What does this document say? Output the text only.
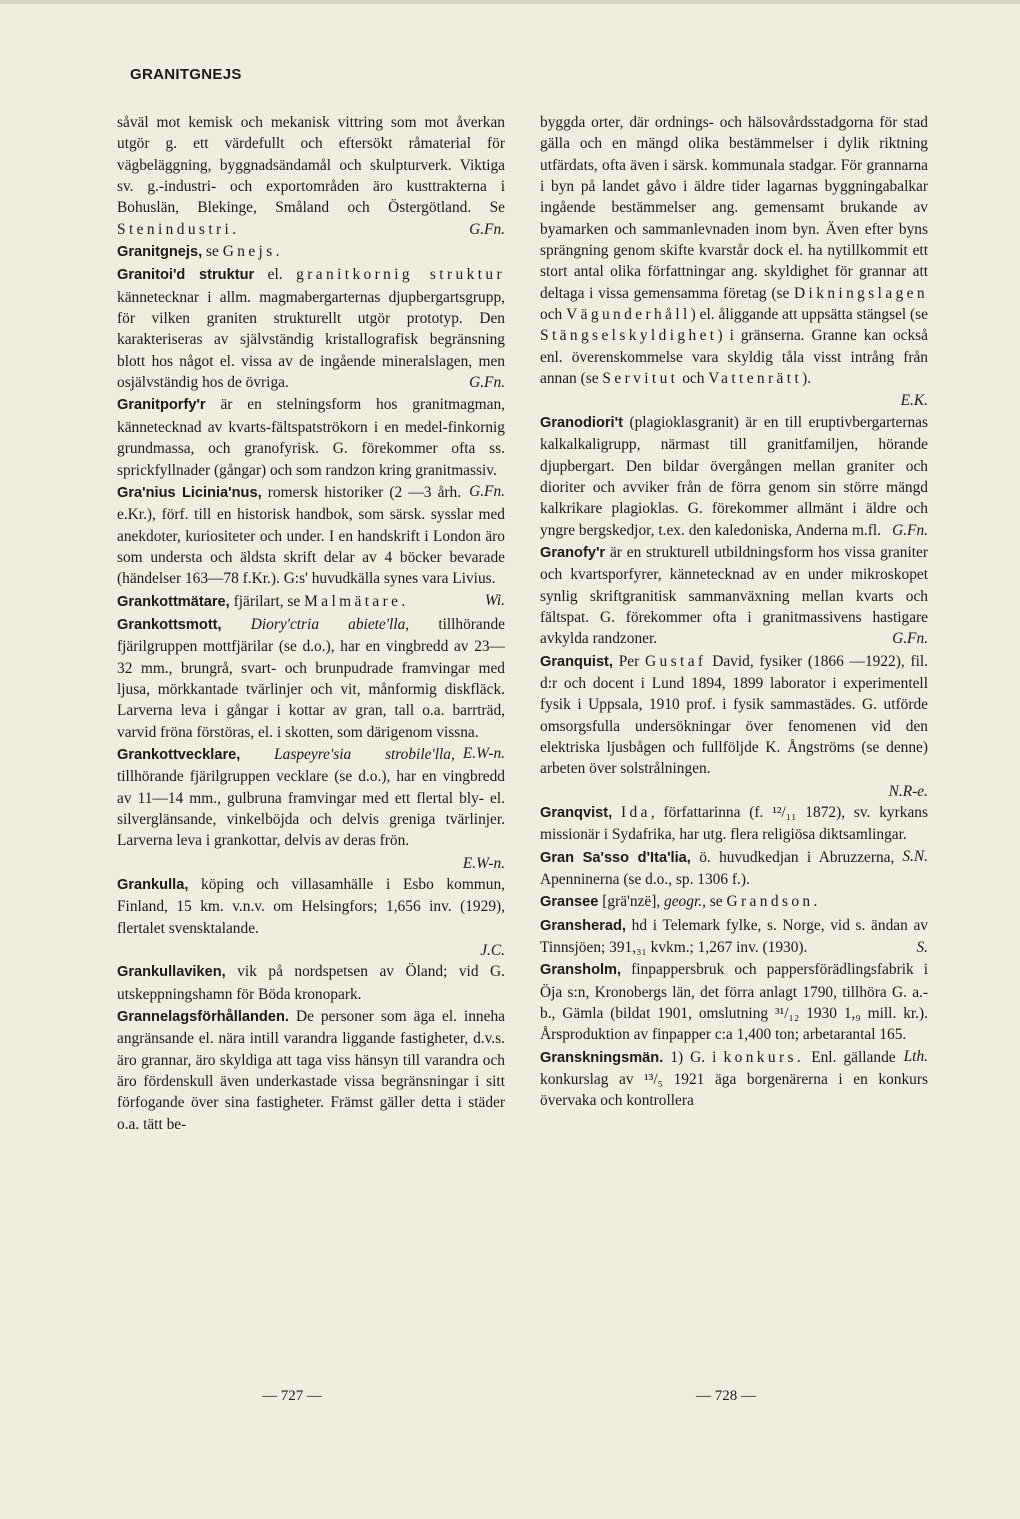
GRANITGNEJS

såväl mot kemisk och mekanisk vittring som mot åverkan utgör g. ett värdefullt och eftersökt råmaterial för vägbeläggning, byggnadsändamål och skulpturverk. Viktiga sv. g.-industri- och exportområden äro kusttrakterna i Bohuslän, Blekinge, Småland och Östergötland. Se Stenindustri.	G.Fn.

Granitgnejs, se Gnejs.

Granitoi'd struktur el. granitkornig struktur kännetecknar i allm. magmabergarternas djupbergartsgrupp, för vilken graniten strukturellt utgör prototyp. Den karakteriseras av självständig kristallografisk begränsning blott hos något el. vissa av de ingående mineralslagen, men osjälvständig hos de övriga.	G.Fn.

Granitporfy'r är en stelningsform hos granitmagman, kännetecknad av kvarts-fältspatströkorn i en medel-finkornig grundmassa, och granofyrisk. G. förekommer ofta ss. sprickfyllnader (gångar) och som randzon kring granitmassiv.
G.Fn.

Gra'nius Licinia'nus, romersk historiker (2 —3 årh. e.Kr.), förf. till en historisk handbok, som särsk. sysslar med anekdoter, kuriositeter och under. I en handskrift i London äro som understa och äldsta skrift delar av 4 böcker bevarade (händelser 163—78 f.Kr.). G:s' huvudkälla synes vara Livius.
Wi.

Grankottmätare, fjärilart, se Malmätare.

Grankottsmott, Dioryʹctria abieteʹlla, tillhörande fjärilgruppen mottfjärilar (se d.o.), har en vingbredd av 23—32 mm., brungrå, svart- och brunpudrade framvingar med ljusa, mörkkantade tvärlinjer och vit, månformig diskfläck. Larverna leva i gångar i kottar av gran, tall o.a. barrträd, varvid fröna förstöras, el. i skotten, som därigenom vissna.
E.W-n.

Grankottvecklare, Laspeyreʹsia strobileʹlla, tillhörande fjärilgruppen vecklare (se d.o.), har en vingbredd av 11—14 mm., gulbruna framvingar med ett flertal bly- el. silverglänsande, vinkelböjda och delvis greniga tvärlinjer. Larverna leva i grankottar, delvis av deras frön.

E.W-n.

Grankulla, köping och villasamhälle i Esbo kommun, Finland, 15 km. v.n.v. om Helsingfors; 1,656 inv. (1929), flertalet svensktalande.

J.C.

Grankullaviken, vik på nordspetsen av Öland; vid G. utskeppningshamn för Böda kronopark.

Grannelagsförhållanden. De personer som äga el. inneha angränsande el. nära intill varandra liggande fastigheter, d.v.s. äro grannar, äro skyldiga att taga viss hänsyn till varandra och äro fördenskull även underkastade vissa begränsningar i sitt förfogande över sina fastigheter. Främst gäller detta i städer o.a. tätt be-

byggda orter, där ordnings- och hälsovårdsstadgorna för stad gälla och en mängd olika bestämmelser i dylik riktning utfärdats, ofta även i särsk. kommunala stadgar. För grannarna i byn på landet gåvo i äldre tider lagarnas byggningabalkar ingående bestämmelser ang. gemensamt brukande av byamarken och sammanlevnaden inom byn. Även efter byns sprängning genom skifte kvarstår dock el. ha nytillkommit ett stort antal olika författningar ang. skyldighet för grannar att deltaga i vissa gemensamma företag (se Dikningslagen och Vägunderhåll) el. åliggande att uppsätta stängsel (se Stängselskyldighet) i gränserna. Granne kan också enl. överenskommelse vara skyldig tåla visst intrång från annan (se Servitut och Vattenrätt).

E.K.

Granodiori't (plagioklasgranit) är en till eruptivbergarternas kalkalkaligrupp, närmast till granitfamiljen, hörande djupbergart. Den bildar övergången mellan graniter och dioriter och avviker från de förra genom sin större mängd kalkrikare plagioklas. G. förekommer allmänt i äldre och yngre bergskedjor, t.ex. den kaledoniska, Anderna m.fl. G.Fn.

Granofy'r är en strukturell utbildningsform hos vissa graniter och kvartsporfyrer, kännetecknad av en under mikroskopet synlig skriftgranitisk sammanväxning mellan kvarts och fältspat. G. förekommer ofta i granitmassivens hastigare avkylda randzoner.	G.Fn.

Granquist, Per Gustaf David, fysiker (1866 —1922), fil. d:r och docent i Lund 1894, 1899 laborator i experimentell fysik i Uppsala, 1910 prof. i fysik sammastädes. G. utförde omsorgsfulla undersökningar över fenomenen vid den elektriska ljusbågen och fullföljde K. Ångströms (se denne) arbeten över solstrålningen.

N.R-e.

Granqvist, Ida, författarinna (f. ¹²/₁₁ 1872), sv. kyrkans missionär i Sydafrika, har utg. flera religiösa diktsamlingar.
S.N.

Gran Sa'sso d'Ita'lia, ö. huvudkedjan i Abruzzerna, Apenninerna (se d.o., sp. 1306 f.).

Gransee [grä'nzë], geogr., se Grandson.

Gransherad, hd i Telemark fylke, s. Norge, vid s. ändan av Tinnsjöen; 391,₃₁ kvkm.; 1,267 inv. (1930).	S.

Gransholm, finpappersbruk och pappersförädlingsfabrik i Öja s:n, Kronobergs län, det förra anlagt 1790, tillhöra G. a.-b., Gämla (bildat 1901, omslutning ³¹/₁₂ 1930 1,₉ mill. kr.). Årsproduktion av finpapper c:a 1,400 ton; arbetarantal 165.
Lth.

Granskningsmän. 1) G. i konkurs. Enl. gällande konkurslag av ¹³/₅ 1921 äga borgenärerna i en konkurs övervaka och kontrollera

— 727 —	— 728 —
